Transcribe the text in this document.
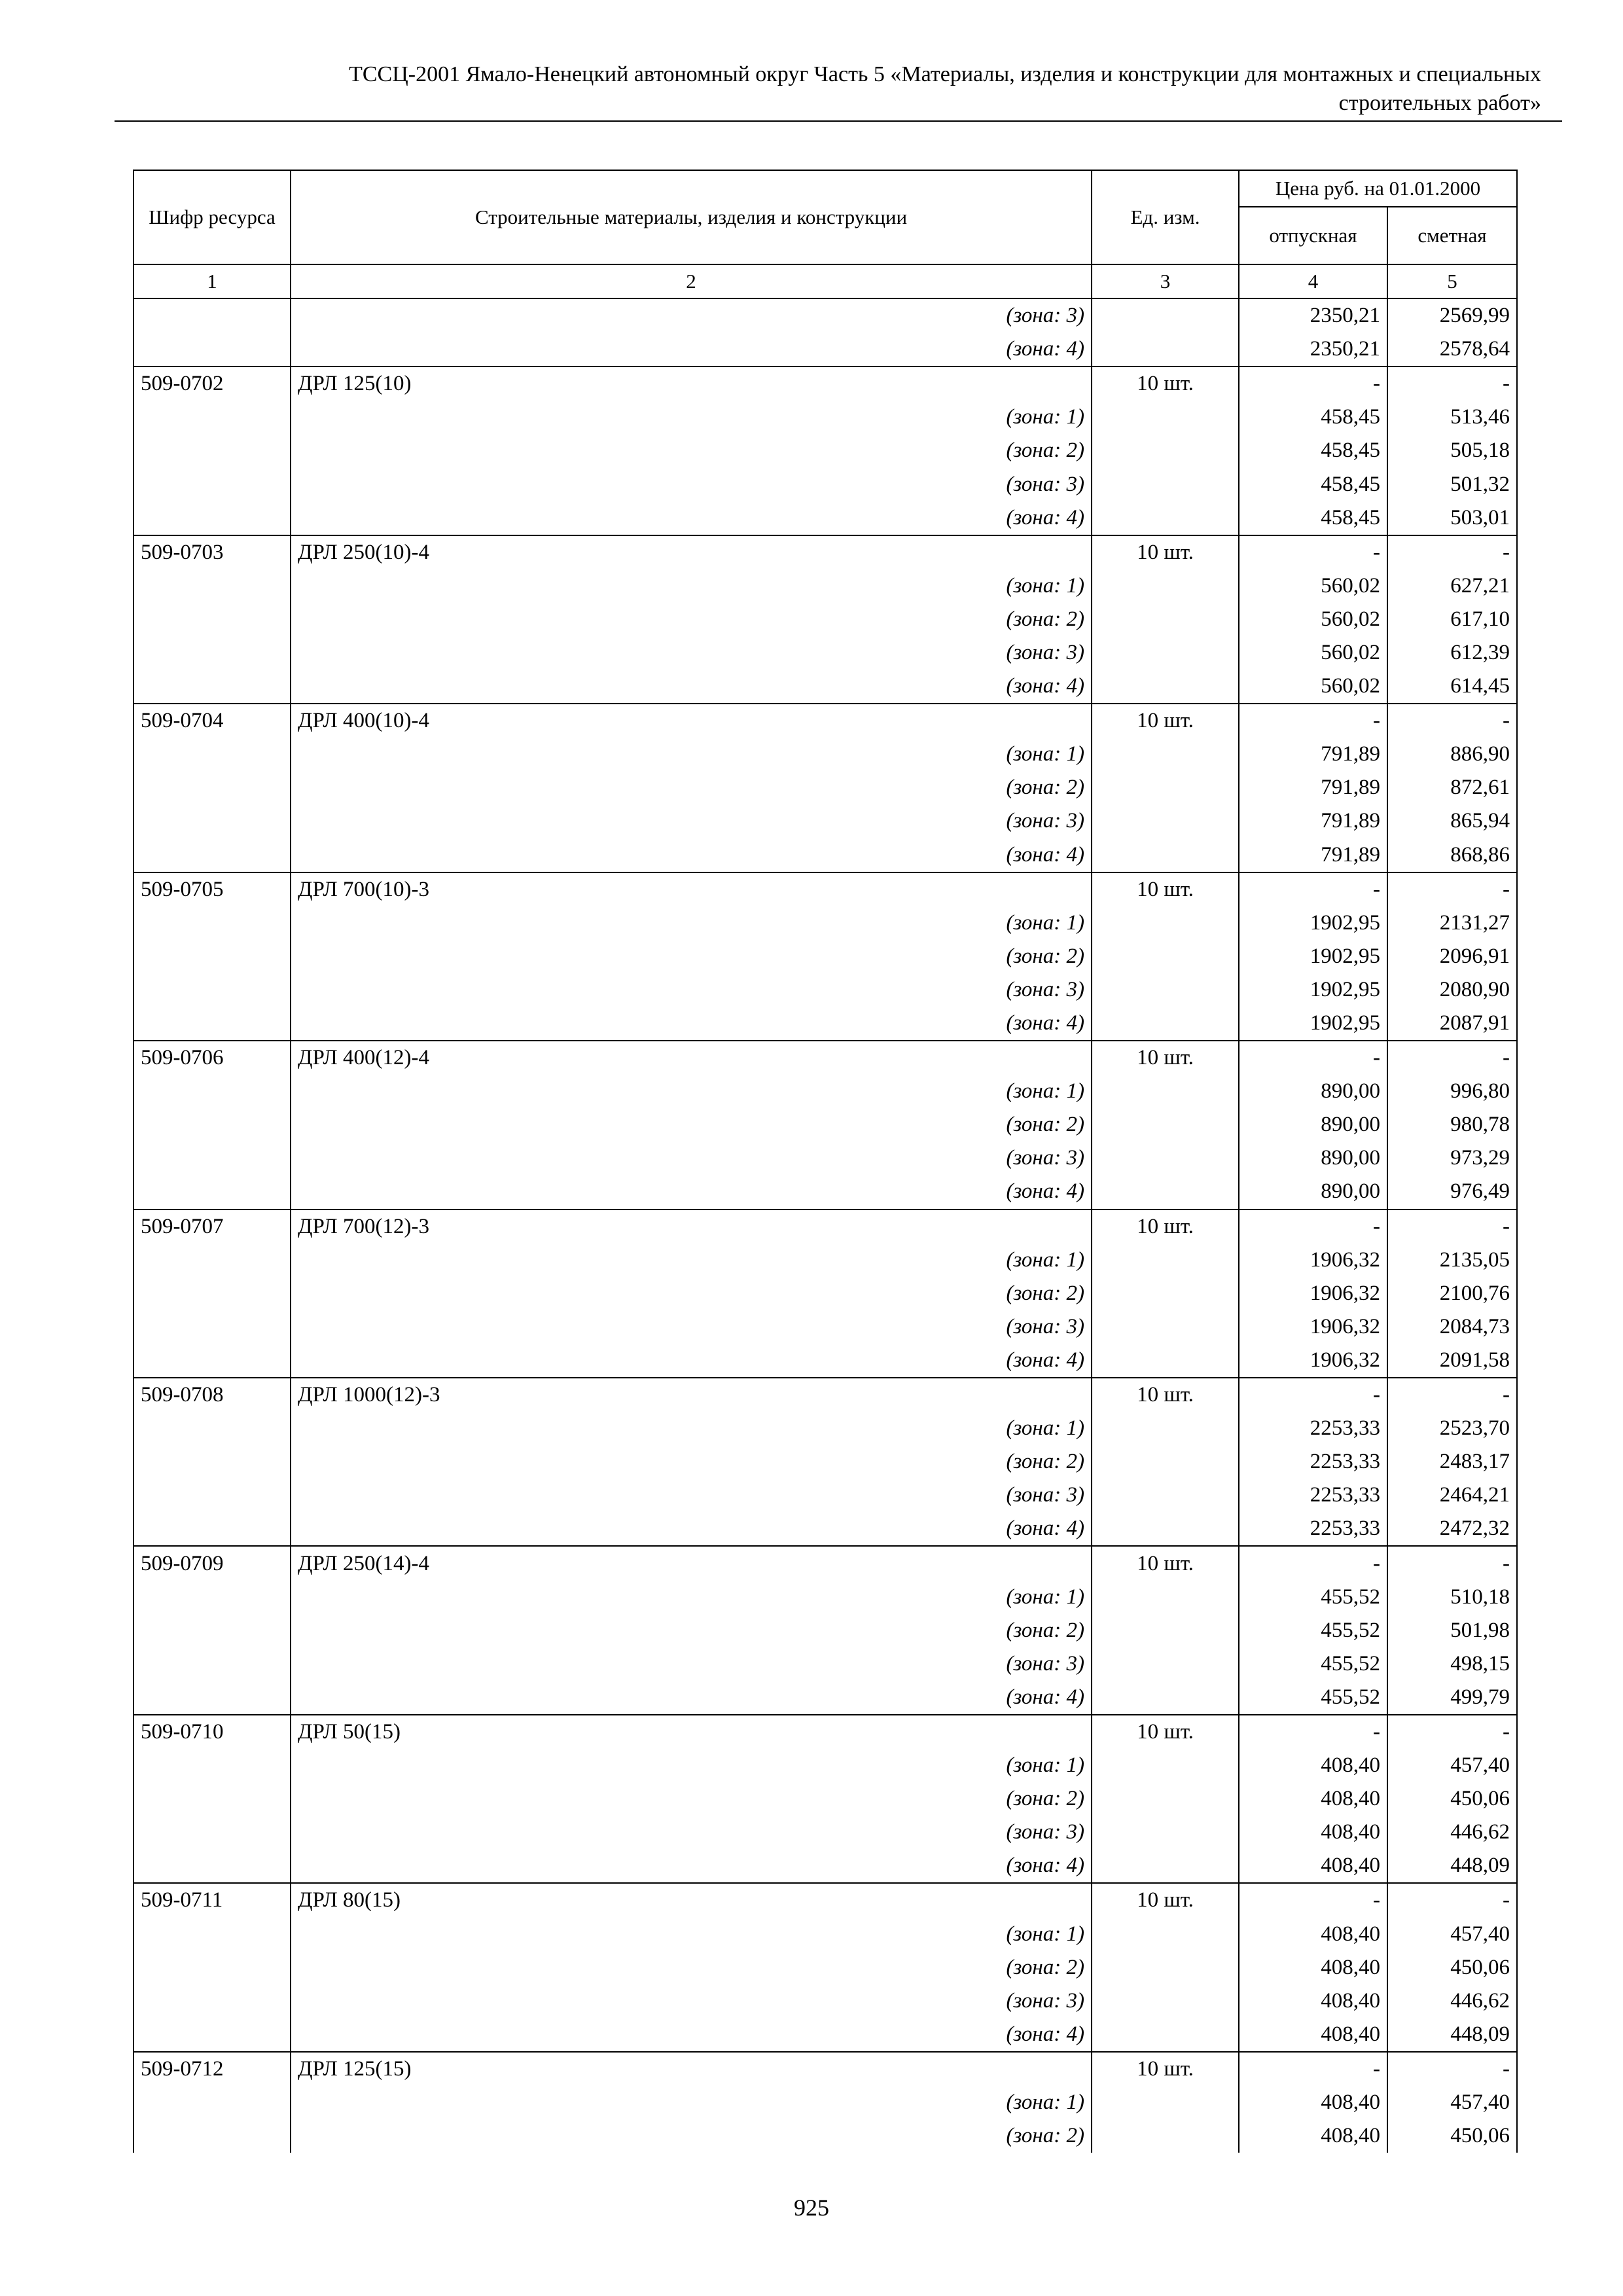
ТССЦ-2001 Ямало-Ненецкий автономный округ Часть 5 «Материалы, изделия и конструкции для монтажных и специальных
строительных работ»
Шифр ресурса	Строительные материалы, изделия и конструкции	Ед. изм.	Цена руб. на 01.01.2000	
			отпускная	сметная
1	2	3	4	5
	(зона: 3)		2350,21	2569,99
	(зона: 4)		2350,21	2578,64
509-0702	ДРЛ 125(10)	10 шт.	-	-
	(зона: 1)		458,45	513,46
	(зона: 2)		458,45	505,18
	(зона: 3)		458,45	501,32
	(зона: 4)		458,45	503,01
509-0703	ДРЛ 250(10)-4	10 шт.	-	-
	(зона: 1)		560,02	627,21
	(зона: 2)		560,02	617,10
	(зона: 3)		560,02	612,39
	(зона: 4)		560,02	614,45
509-0704	ДРЛ 400(10)-4	10 шт.	-	-
	(зона: 1)		791,89	886,90
	(зона: 2)		791,89	872,61
	(зона: 3)		791,89	865,94
	(зона: 4)		791,89	868,86
509-0705	ДРЛ 700(10)-3	10 шт.	-	-
	(зона: 1)		1902,95	2131,27
	(зона: 2)		1902,95	2096,91
	(зона: 3)		1902,95	2080,90
	(зона: 4)		1902,95	2087,91
509-0706	ДРЛ 400(12)-4	10 шт.	-	-
	(зона: 1)		890,00	996,80
	(зона: 2)		890,00	980,78
	(зона: 3)		890,00	973,29
	(зона: 4)		890,00	976,49
509-0707	ДРЛ 700(12)-3	10 шт.	-	-
	(зона: 1)		1906,32	2135,05
	(зона: 2)		1906,32	2100,76
	(зона: 3)		1906,32	2084,73
	(зона: 4)		1906,32	2091,58
509-0708	ДРЛ 1000(12)-3	10 шт.	-	-
	(зона: 1)		2253,33	2523,70
	(зона: 2)		2253,33	2483,17
	(зона: 3)		2253,33	2464,21
	(зона: 4)		2253,33	2472,32
509-0709	ДРЛ 250(14)-4	10 шт.	-	-
	(зона: 1)		455,52	510,18
	(зона: 2)		455,52	501,98
	(зона: 3)		455,52	498,15
	(зона: 4)		455,52	499,79
509-0710	ДРЛ 50(15)	10 шт.	-	-
	(зона: 1)		408,40	457,40
	(зона: 2)		408,40	450,06
	(зона: 3)		408,40	446,62
	(зона: 4)		408,40	448,09
509-0711	ДРЛ 80(15)	10 шт.	-	-
	(зона: 1)		408,40	457,40
	(зона: 2)		408,40	450,06
	(зона: 3)		408,40	446,62
	(зона: 4)		408,40	448,09
509-0712	ДРЛ 125(15)	10 шт.	-	-
	(зона: 1)		408,40	457,40
	(зона: 2)		408,40	450,06
925
